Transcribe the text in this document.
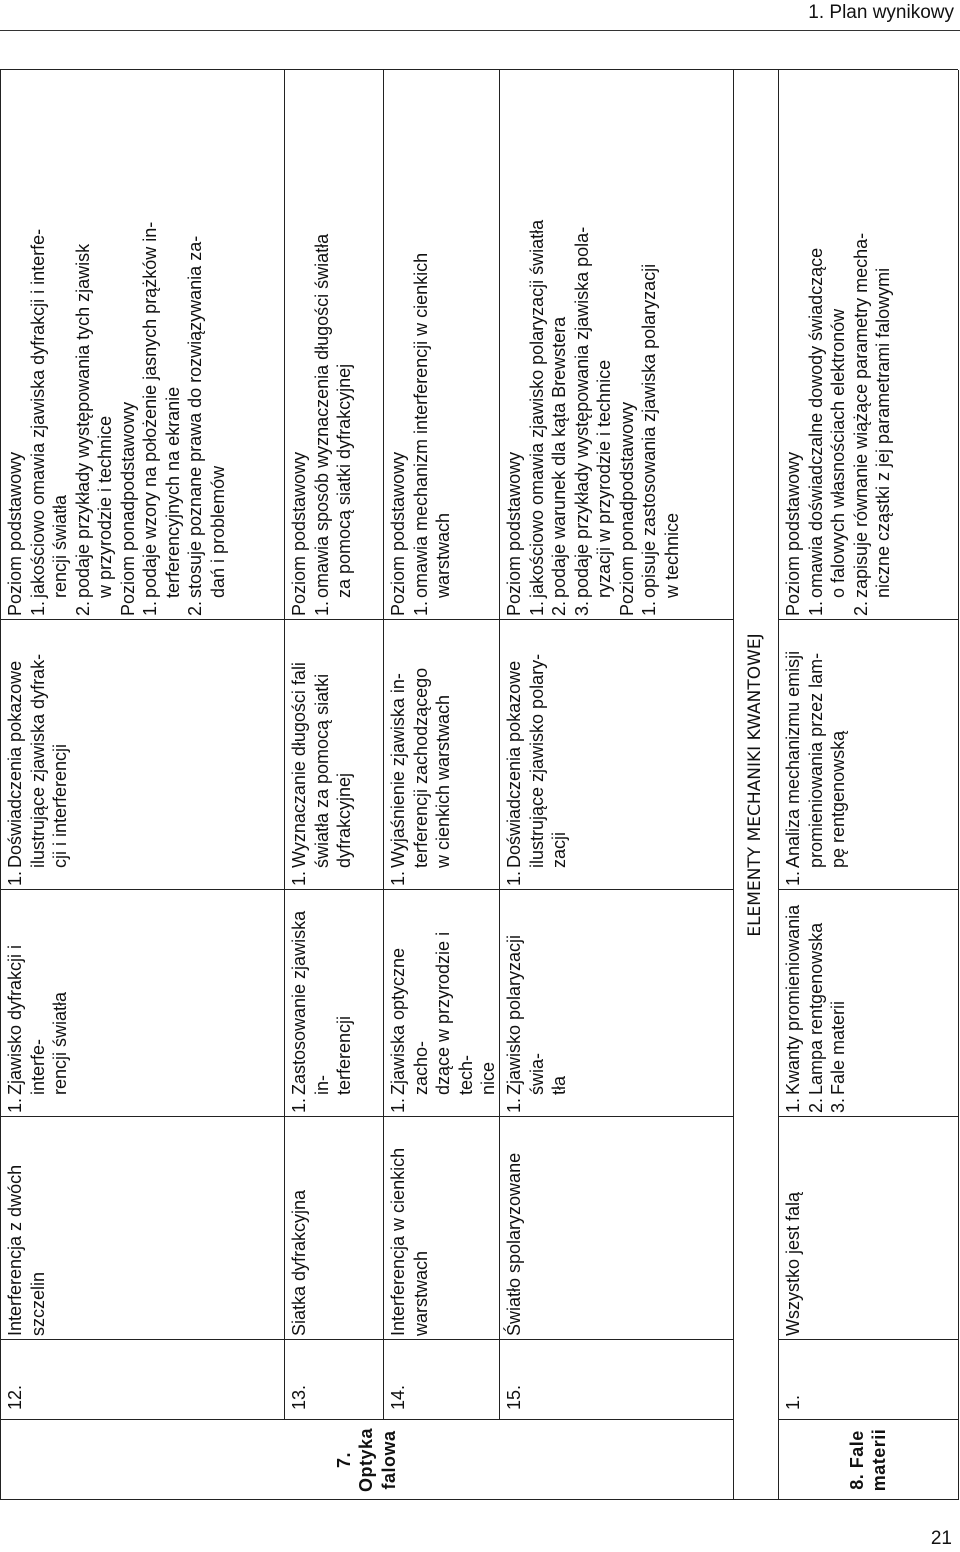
1. Plan wynikowy
21
7. Optyka falowa	8. Fale materii
ELEMENTY MECHANIKI KWANTOWEJ
12.
Interferencja z dwóch szczelin
1.
Zjawisko dyfrakcji i interfe- rencji światła
1.
Doświadczenia pokazowe ilustrujące zjawiska dyfrak- cji i interferencji
Poziom podstawowy 1.
jakościowo omawia zjawiska dyfrakcji i interfe- rencji światła
2.
podaje przykłady występowania tych zjawisk w przyrodzie i technice Poziom ponadpodstawowy 1.
podaje wzory na położenie jasnych prążków in- terferencyjnych na ekranie
2.
stosuje poznane prawa do rozwiązywania za- dań i problemów
13.
Siatka dyfrakcyjna
1.
Zastosowanie zjawiska in- terferencji
1.
Wyznaczanie długości fali światła za pomocą siatki dyfrakcyjnej
Poziom podstawowy 1.
omawia sposób wyznaczenia długości światła za pomocą siatki dyfrakcyjnej
14.
Interferencja w cienkich warstwach
1.
Zjawiska optyczne zacho- dzące w przyrodzie i tech- nice
1.
Wyjaśnienie zjawiska in- terferencji zachodzącego w cienkich warstwach
Poziom podstawowy 1.
omawia mechanizm interferencji w cienkich warstwach
15.
Światło spolaryzowane
1.
Zjawisko polaryzacji świa- tła
1.
Doświadczenia pokazowe ilustrujące zjawisko polary- zacji
Poziom podstawowy 1.
jakościowo omawia zjawisko polaryzacji światła
2.
podaje warunek dla kąta Brewstera
3.
podaje przykłady występowania zjawiska pola- ryzacji w przyrodzie i technice Poziom ponadpodstawowy 1.
opisuje zastosowania zjawiska polaryzacji w technice
1.
Wszystko jest falą
1.
Kwanty promieniowania
2.
Lampa rentgenowska
3.
Fale materii
1.
Analiza mechanizmu emisji promieniowania przez lam- pę rentgenowską
Poziom podstawowy 1.
omawia doświadczalne dowody świadczące o falowych własnościach elektronów
2.
zapisuje równanie wiążące parametry mecha- niczne cząstki z jej parametrami falowymi
